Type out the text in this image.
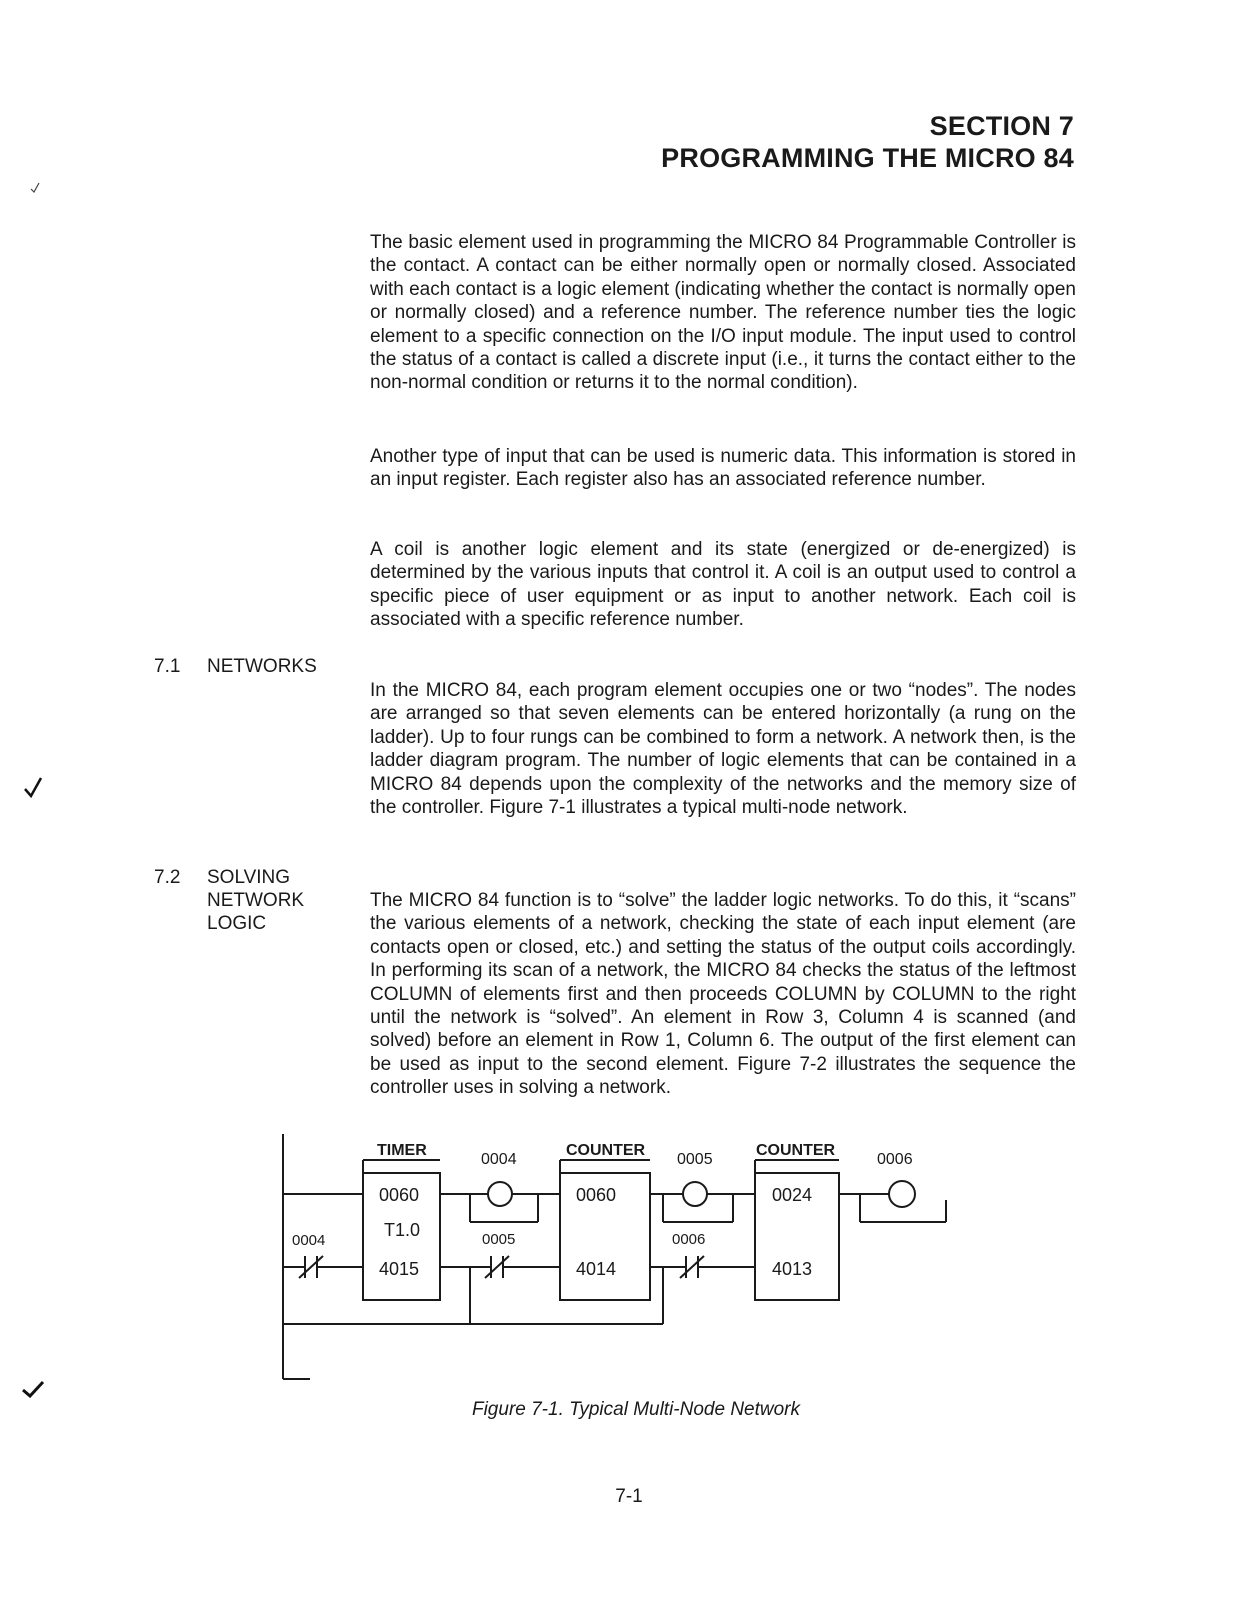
SECTION 7
PROGRAMMING THE MICRO 84

The basic element used in programming the MICRO 84 Programmable Controller is the contact. A contact can be either normally open or normally closed. Associated with each contact is a logic element (indicating whether the contact is normally open or normally closed) and a reference number. The reference number ties the logic element to a specific connection on the I/O input module. The input used to control the status of a contact is called a discrete input (i.e., it turns the contact either to the non-normal condition or returns it to the normal condition).

Another type of input that can be used is numeric data. This information is stored in an input register. Each register also has an associated reference number.

A coil is another logic element and its state (energized or de-energized) is determined by the various inputs that control it. A coil is an output used to control a specific piece of user equipment or as input to another network. Each coil is associated with a specific reference number.

7.1 NETWORKS

In the MICRO 84, each program element occupies one or two “nodes”. The nodes are arranged so that seven elements can be entered horizontally (a rung on the ladder). Up to four rungs can be combined to form a network. A network then, is the ladder diagram program. The number of logic elements that can be contained in a MICRO 84 depends upon the complexity of the networks and the memory size of the controller. Figure 7-1 illustrates a typical multi-node network.

7.2 SOLVING NETWORK LOGIC

The MICRO 84 function is to “solve” the ladder logic networks. To do this, it “scans” the various elements of a network, checking the state of each input element (are contacts open or closed, etc.) and setting the status of the output coils accordingly. In performing its scan of a network, the MICRO 84 checks the status of the leftmost COLUMN of elements first and then proceeds COLUMN by COLUMN to the right until the network is “solved”. An element in Row 3, Column 4 is scanned (and solved) before an element in Row 1, Column 6. The output of the first element can be used as input to the second element. Figure 7-2 illustrates the sequence the controller uses in solving a network.

TIMER	COUNTER	COUNTER
0004	0005	0006
0060	0060	0024
T1.0
4015	4014	4013
0004	0005	0006
Figure 7-1. Typical Multi-Node Network
7-1
